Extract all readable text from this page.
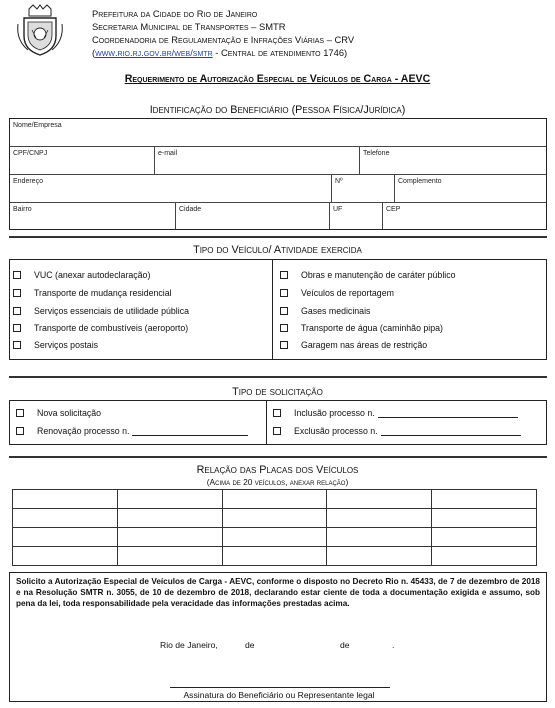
Prefeitura da Cidade do Rio de Janeiro
Secretaria Municipal de Transportes – SMTR
Coordenadoria de Regulamentação e Infrações Viárias – CRV
(www.rio.rj.gov.br/web/smtr - Central de atendimento 1746)
Requerimento de Autorização Especial de Veículos de Carga - AEVC
Identificação do Beneficiário (Pessoa Física/Jurídica)
Nome/Empresa
CPF/CNPJ	e-mail	Telefone
Endereço	Nº	Complemento
Bairro	Cidade	UF	CEP
Tipo do Veículo/ Atividade exercida
VUC (anexar autodeclaração)
Transporte de mudança residencial
Serviços essenciais de utilidade pública
Transporte de combustíveis (aeroporto)
Serviços postais
Obras e manutenção de caráter público
Veículos de reportagem
Gases medicinais
Transporte de água (caminhão pipa)
Garagem nas áreas de restrição
Tipo de solicitação
Nova solicitação
Renovação processo n.
Inclusão processo n.
Exclusão processo n.
Relação das Placas dos Veículos
(Acima de 20 veículos, anexar relação)

Solicito a Autorização Especial de Veículos de Carga - AEVC, conforme o disposto no Decreto Rio n. 45433, de 7 de dezembro de 2018 e na Resolução SMTR n. 3055, de 10 de dezembro de 2018, declarando estar ciente de toda a documentação exigida e assumo, sob pena da lei, toda responsabilidade pela veracidade das informações prestadas acima.
Rio de Janeiro,	de	de	.
Assinatura do Beneficiário ou Representante legal
